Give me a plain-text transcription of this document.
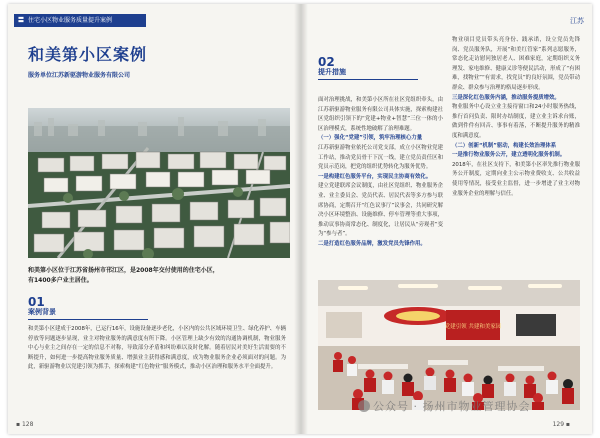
〓 住宅小区物业服务质量提升案例
和美第小区案例
服务单位江苏新驱游物业服务有限公司
和美第小区位于江苏省扬州市邗江区，是2008年交付使用的住宅小区，
有1400多户业主居住。
01
案例背景

和美第小区建成于2008年，已运行16年，设施设备逐步老化，小区内的公共区域环境卫生、绿化养护、车辆停放等问题逐步显现，业主对物业服务的满意度有所下降。小区管理上缺少有效的沟通协调机制，物业服务中心与业主之间存在一定的信息不对称，导致部分矛盾和纠纷难以及时化解。随着居民对美好生活需要的不断提升，如何进一步提高物业服务质量、增强业主获得感和满意度，成为物业服务企业必须面对的问题。为此，新驱游物业以党建引领为抓手，探索构建“红色物业”服务模式，推动小区治理和服务水平全面提升。

▪ 128
江苏
02
提升措施

面对治理挑战，和美第小区所在社区党组织牵头，由江苏新驱游物业服务有限公司具体实施，探索构建社区党组织引领下的“党建+物业+智慧”三位一体的小区治理模式，系统性地破解了治理难题。

（一）强化“党建”引领，筑牢治理核心力量

江苏新驱游物业依托公司党支部，成立小区物业党建工作站，推动党员骨干下沉一线，建立党员责任区和党员示范岗，把党的组织优势转化为服务优势。

一是构建红色服务平台，实现民主协商有效化。

建立党建联席会议制度，由社区党组织、物业服务企业、业主委员会、党员代表、居民代表等多方参与联席协商，定期召开“红色议事厅”议事会，共同研究解决小区环境整治、设施维修、停车管理等重大事项，推动议事协商常态化、制度化，让居民从“旁观者”变为“参与者”。

二是打造红色服务品牌，激发党员先锋作用。

物业项目党员带头亮身份、践承诺，设立党员先锋岗、党员服务队，开展“和美红管家”系列志愿服务，常态化走访慰问独居老人、困难家庭，定期组织义务理发、家电维修、健康义诊等便民活动，形成了“有困难，找物业”“有需求，找党员”的良好氛围，党员带动群众、群众参与治理的格局逐步形成。

三是深化红色服务内涵，推动服务提质增效。

物业服务中心设立业主接待窗口和24小时服务热线，推行首问负责、限时办结制度，建立业主诉求台账，做到件件有回音、事事有着落，不断提升服务的精准度和满意度。

（二）创新“机制”驱动，构建长效治理体系

一是推行物业服务公开，建立透明化服务机制。

2018年，在社区支持下，和美第小区率先推行物业服务公开制度，定期向业主公示物业费收支、公共收益使用等情况，接受业主监督，进一步增进了业主对物业服务企业的理解与信任。

党建引领 共建和美家园
129 ▪
公众号 · 扬州市物业管理协会
